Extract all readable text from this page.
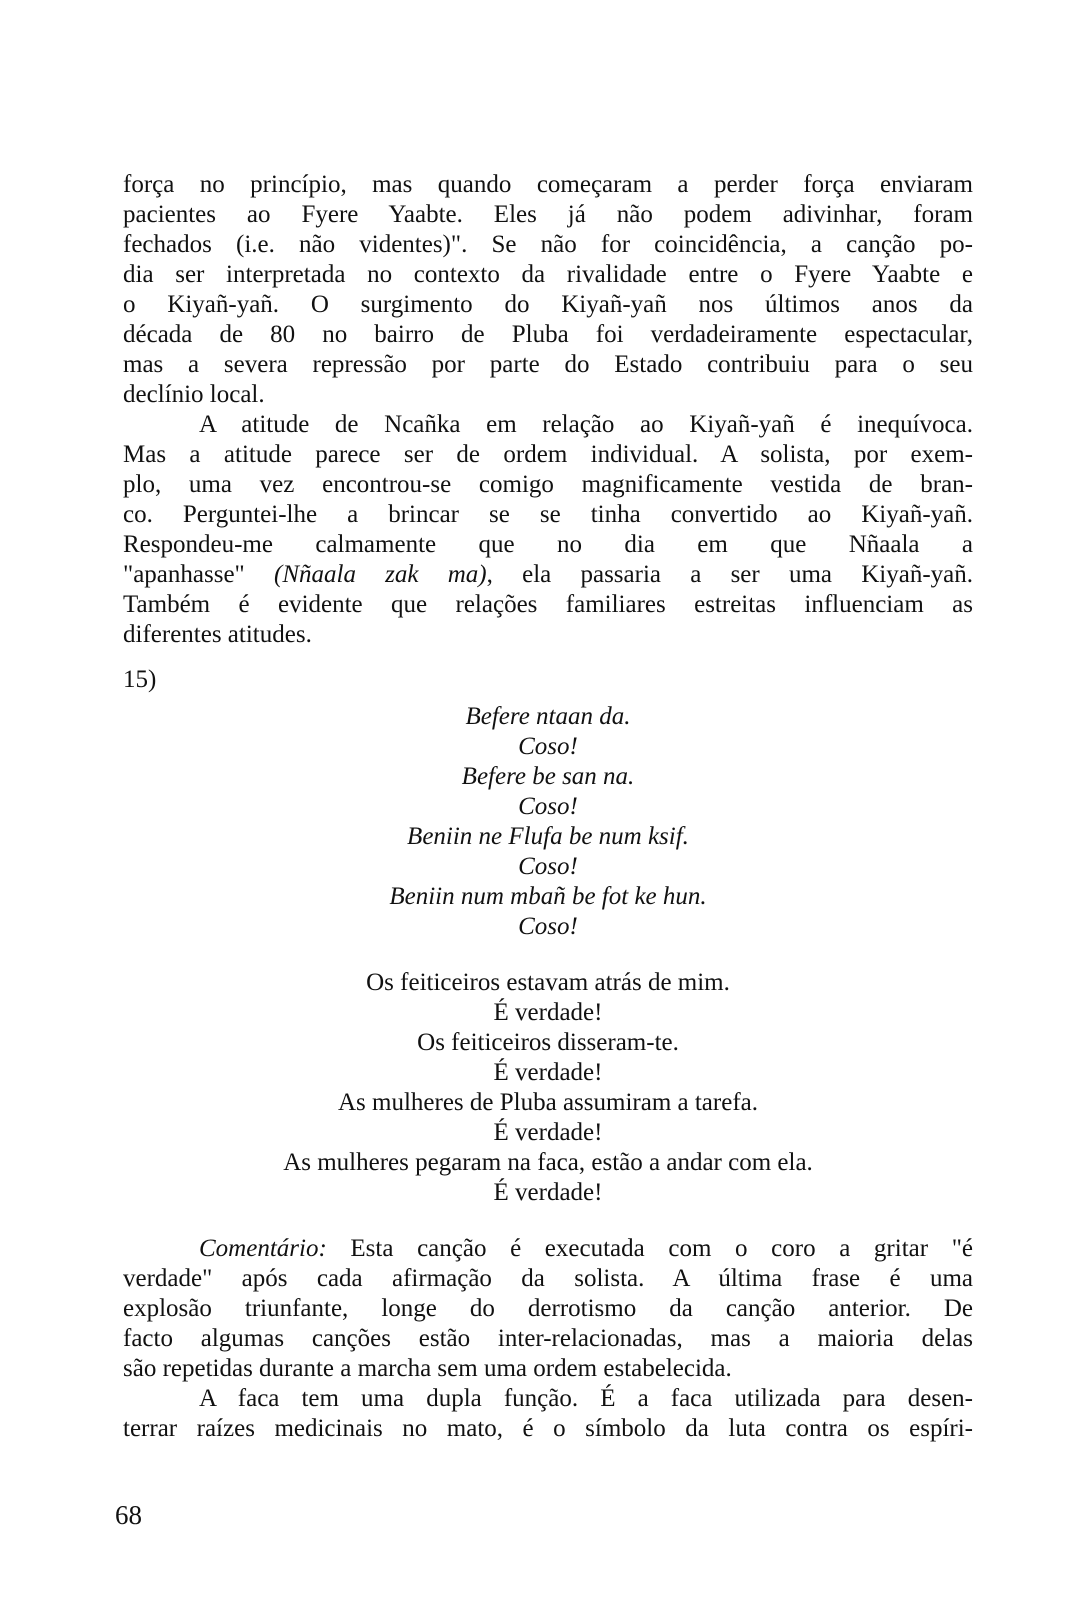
força no princípio, mas quando começaram a perder força enviaram
pacientes ao Fyere Yaabte. Eles já não podem adivinhar, foram
fechados (i.e. não videntes)". Se não for coincidência, a canção po-
dia ser interpretada no contexto da rivalidade entre o Fyere Yaabte e
o Kiyañ-yañ. O surgimento do Kiyañ-yañ nos últimos anos da
década de 80 no bairro de Pluba foi verdadeiramente espectacular,
mas a severa repressão por parte do Estado contribuiu para o seu
declínio local.
A atitude de Ncañka em relação ao Kiyañ-yañ é inequívoca.
Mas a atitude parece ser de ordem individual. A solista, por exem-
plo, uma vez encontrou-se comigo magnificamente vestida de bran-
co. Perguntei-lhe a brincar se se tinha convertido ao Kiyañ-yañ.
Respondeu-me calmamente que no dia em que Nñaala a
"apanhasse" (Nñaala zak ma), ela passaria a ser uma Kiyañ-yañ.
Também é evidente que relações familiares estreitas influenciam as
diferentes atitudes.
15)
Befere ntaan da.
Coso!
Befere be san na.
Coso!
Beniin ne Flufa be num ksif.
Coso!
Beniin num mbañ be fot ke hun.
Coso!
Os feiticeiros estavam atrás de mim.
É verdade!
Os feiticeiros disseram-te.
É verdade!
As mulheres de Pluba assumiram a tarefa.
É verdade!
As mulheres pegaram na faca, estão a andar com ela.
É verdade!
Comentário: Esta canção é executada com o coro a gritar "é
verdade" após cada afirmação da solista. A última frase é uma
explosão triunfante, longe do derrotismo da canção anterior. De
facto algumas canções estão inter-relacionadas, mas a maioria delas
são repetidas durante a marcha sem uma ordem estabelecida.
A faca tem uma dupla função. É a faca utilizada para desen-
terrar raízes medicinais no mato, é o símbolo da luta contra os espíri-
68
